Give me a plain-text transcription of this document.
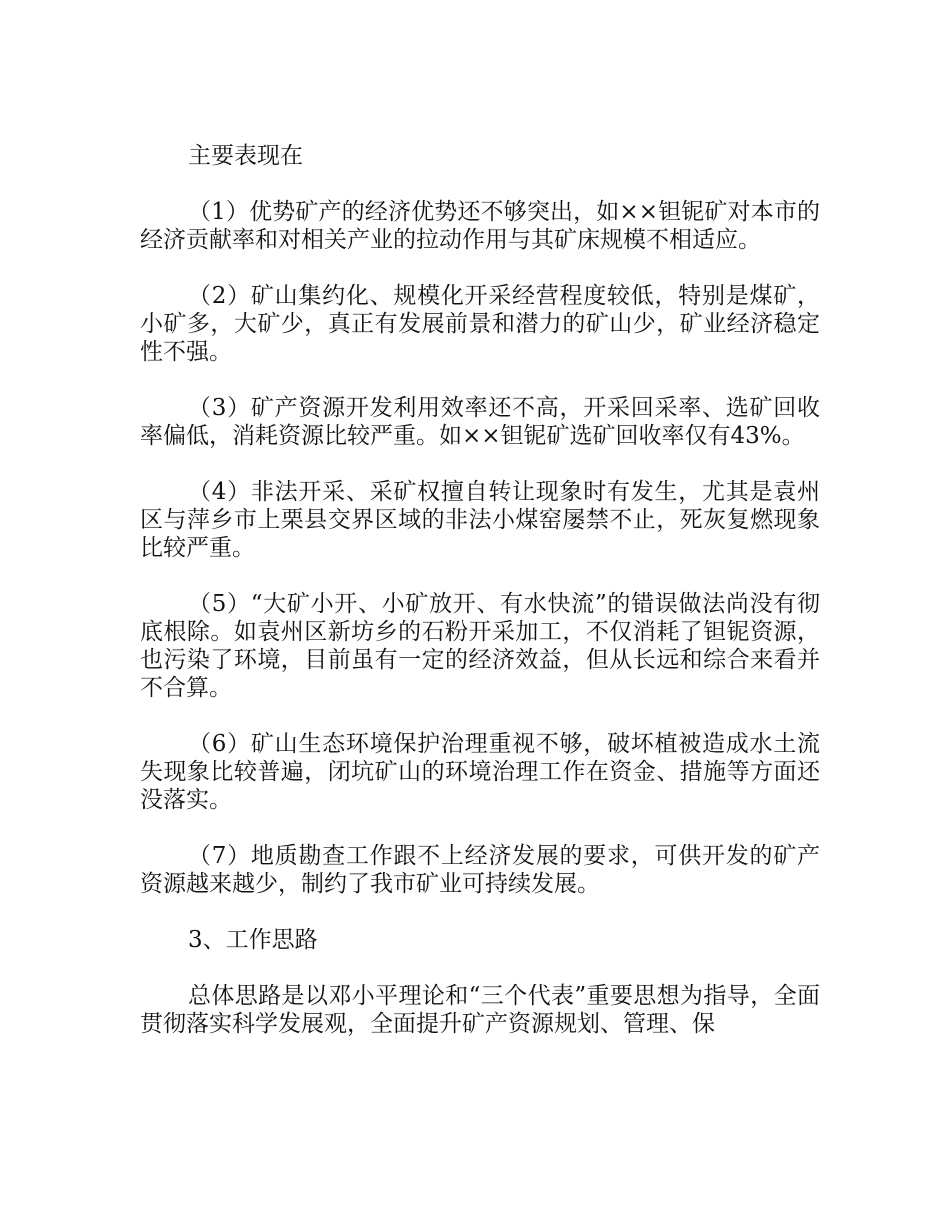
主要表现在

（1）优势矿产的经济优势还不够突出，如××钽铌矿对本市的经济贡献率和对相关产业的拉动作用与其矿床规模不相适应。

（2）矿山集约化、规模化开采经营程度较低，特别是煤矿，小矿多，大矿少，真正有发展前景和潜力的矿山少，矿业经济稳定性不强。

（3）矿产资源开发利用效率还不高，开采回采率、选矿回收率偏低，消耗资源比较严重。如××钽铌矿选矿回收率仅有43%。

（4）非法开采、采矿权擅自转让现象时有发生，尤其是袁州区与萍乡市上栗县交界区域的非法小煤窑屡禁不止，死灰复燃现象比较严重。

（5）“大矿小开、小矿放开、有水快流”的错误做法尚没有彻底根除。如袁州区新坊乡的石粉开采加工，不仅消耗了钽铌资源，也污染了环境，目前虽有一定的经济效益，但从长远和综合来看并不合算。

（6）矿山生态环境保护治理重视不够，破坏植被造成水土流失现象比较普遍，闭坑矿山的环境治理工作在资金、措施等方面还没落实。

（7）地质勘查工作跟不上经济发展的要求，可供开发的矿产资源越来越少，制约了我市矿业可持续发展。

3、工作思路

总体思路是以邓小平理论和“三个代表”重要思想为指导，全面贯彻落实科学发展观，全面提升矿产资源规划、管理、保
